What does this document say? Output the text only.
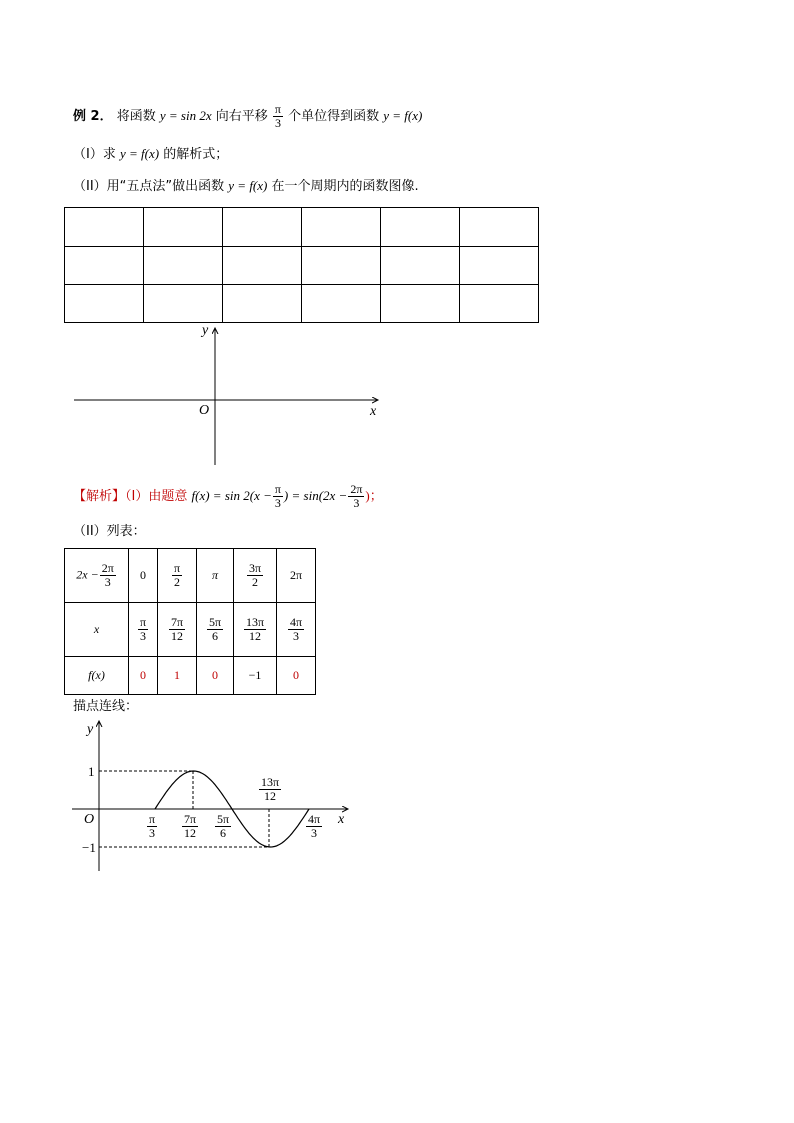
例 2． 将函数 y = sin 2x 向右平移 $\frac{\pi}{3}$ 个单位得到函数 y = f(x)
（I）求 y = f(x) 的解析式；
（II）用“五点法”做出函数 y = f(x) 在一个周期内的函数图像.

y
x
O
【解析】（I）由题意 $f(x) = \sin 2(x - \frac{\pi}{3}$ ) = $\sin(2x - \frac{2\pi}{3}$ )；
（II）列表：
$2x - \frac{2\pi}{3}$	0	$\frac{\pi}{2}$	π	$\frac{3\pi}{2}$	2π
x	$\frac{\pi}{3}$	$\frac{7\pi}{12}$	$\frac{5\pi}{6}$	$\frac{13\pi}{12}$	$\frac{4\pi}{3}$

f(x)	0	1	0	−1	0
描点连线：
y
x
O
1
−1
$\frac{\pi}{3} \frac{7\pi}{12} \frac{5\pi}{6}$	$\frac{4\pi}{3}$
$\frac{13\pi}{12}$
